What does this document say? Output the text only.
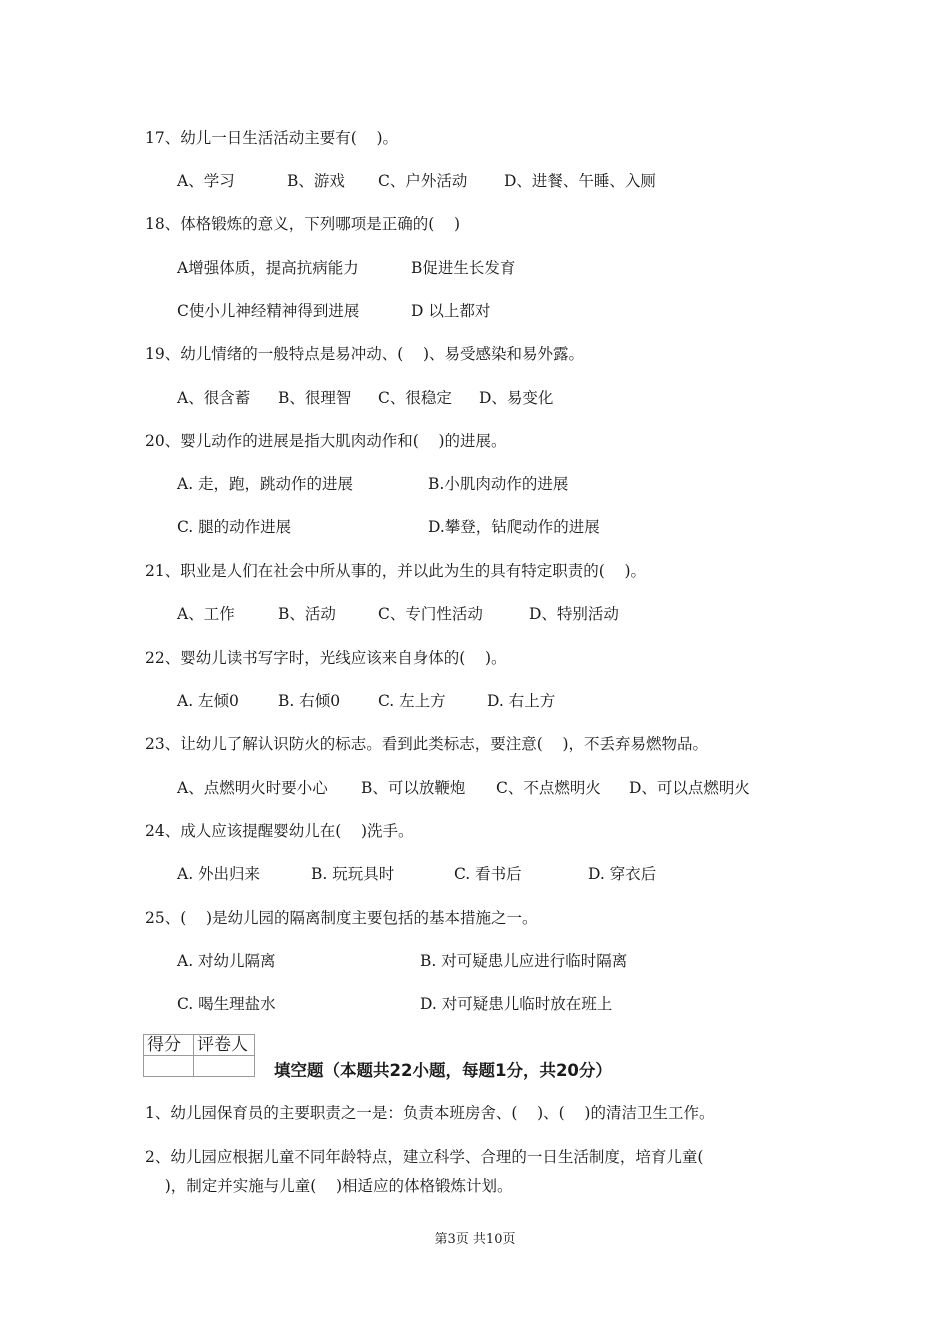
17、幼儿一日生活活动主要有(    )。
A、学习	B、游戏 C、户外活动 D、进餐、午睡、入厕
18、体格锻炼的意义，下列哪项是正确的(    )
A增强体质，提高抗病能力	B促进生长发育
C使小儿神经精神得到进展	D 以上都对
19、幼儿情绪的一般特点是易冲动、(    )、易受感染和易外露。
A、很含蓄 B、很理智 C、很稳定 D、易变化
20、婴儿动作的进展是指大肌肉动作和(    )的进展。
A. 走，跑，跳动作的进展	B.小肌肉动作的进展
C. 腿的动作进展	D.攀登，钻爬动作的进展
21、职业是人们在社会中所从事的，并以此为生的具有特定职责的(    )。
A、工作	B、活动	C、专门性活动	D、特别活动
22、婴幼儿读书写字时，光线应该来自身体的(    )。
A. 左倾0	B. 右倾0 C. 左上方	D. 右上方
23、让幼儿了解认识防火的标志。看到此类标志，要注意(    )，不丢弃易燃物品。
A、点燃明火时要小心 B、可以放鞭炮 C、不点燃明火 D、可以点燃明火
24、成人应该提醒婴幼儿在(    )洗手。
A. 外出归来	B. 玩玩具时	C. 看书后	D. 穿衣后
25、(    )是幼儿园的隔离制度主要包括的基本措施之一。
A. 对幼儿隔离	B. 对可疑患儿应进行临时隔离
C. 喝生理盐水	D. 对可疑患儿临时放在班上
得分	评卷人

填空题（本题共22小题，每题1分，共20分）
1、幼儿园保育员的主要职责之一是：负责本班房舍、(    )、(    )的清洁卫生工作。
2、幼儿园应根据儿童不同年龄特点，建立科学、合理的一日生活制度，培育儿童(
)，制定并实施与儿童(    )相适应的体格锻炼计划。
第3页 共10页
